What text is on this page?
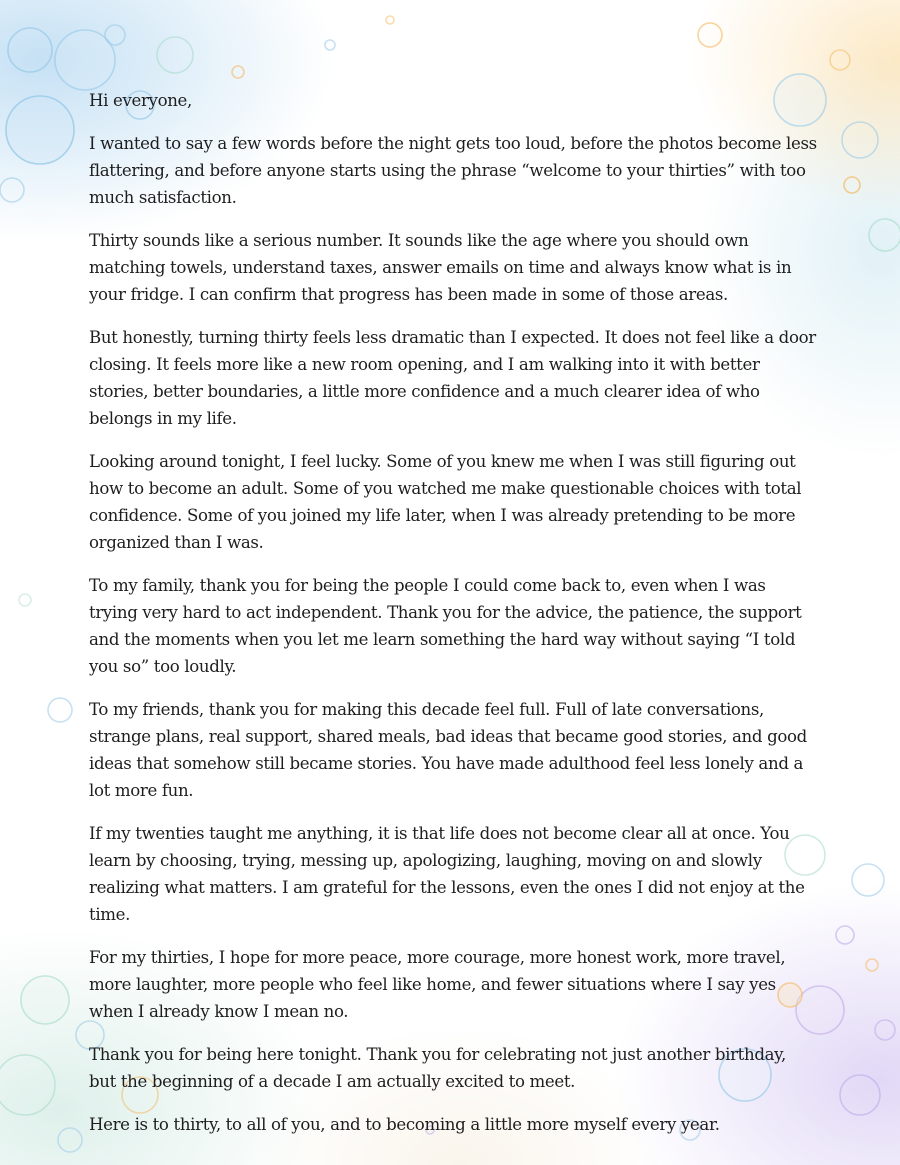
Hi everyone,

I wanted to say a few words before the night gets too loud, before the photos become less flattering, and before anyone starts using the phrase “welcome to your thirties” with too much satisfaction.

Thirty sounds like a serious number. It sounds like the age where you should own matching towels, understand taxes, answer emails on time and always know what is in your fridge. I can confirm that progress has been made in some of those areas.

But honestly, turning thirty feels less dramatic than I expected. It does not feel like a door closing. It feels more like a new room opening, and I am walking into it with better stories, better boundaries, a little more confidence and a much clearer idea of who belongs in my life.

Looking around tonight, I feel lucky. Some of you knew me when I was still figuring out how to become an adult. Some of you watched me make questionable choices with total confidence. Some of you joined my life later, when I was already pretending to be more organized than I was.

To my family, thank you for being the people I could come back to, even when I was trying very hard to act independent. Thank you for the advice, the patience, the support and the moments when you let me learn something the hard way without saying “I told you so” too loudly.

To my friends, thank you for making this decade feel full. Full of late conversations, strange plans, real support, shared meals, bad ideas that became good stories, and good ideas that somehow still became stories. You have made adulthood feel less lonely and a lot more fun.

If my twenties taught me anything, it is that life does not become clear all at once. You learn by choosing, trying, messing up, apologizing, laughing, moving on and slowly realizing what matters. I am grateful for the lessons, even the ones I did not enjoy at the time.

For my thirties, I hope for more peace, more courage, more honest work, more travel, more laughter, more people who feel like home, and fewer situations where I say yes when I already know I mean no.

Thank you for being here tonight. Thank you for celebrating not just another birthday, but the beginning of a decade I am actually excited to meet.

Here is to thirty, to all of you, and to becoming a little more myself every year.
